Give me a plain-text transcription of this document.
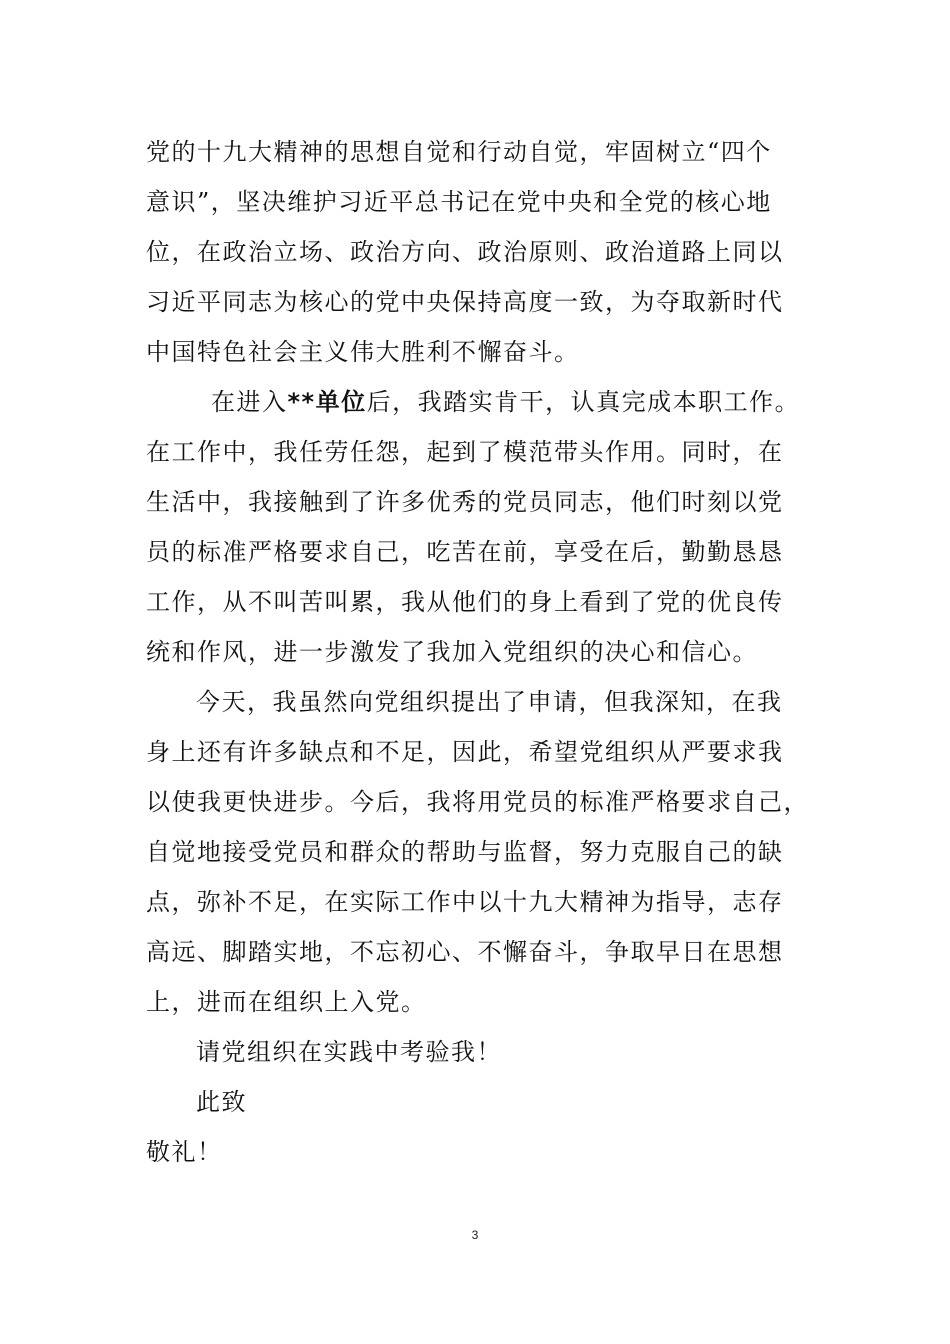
党的十九大精神的思想自觉和行动自觉，牢固树立“四个
意识”，坚决维护习近平总书记在党中央和全党的核心地
位，在政治立场、政治方向、政治原则、政治道路上同以
习近平同志为核心的党中央保持高度一致，为夺取新时代
中国特色社会主义伟大胜利不懈奋斗。
在进入**单位后，我踏实肯干，认真完成本职工作。
在工作中，我任劳任怨，起到了模范带头作用。同时，在
生活中，我接触到了许多优秀的党员同志，他们时刻以党
员的标准严格要求自己，吃苦在前，享受在后，勤勤恳恳
工作，从不叫苦叫累，我从他们的身上看到了党的优良传
统和作风，进一步激发了我加入党组织的决心和信心。
今天，我虽然向党组织提出了申请，但我深知，在我
身上还有许多缺点和不足，因此，希望党组织从严要求我
以使我更快进步。今后，我将用党员的标准严格要求自己，
自觉地接受党员和群众的帮助与监督，努力克服自己的缺
点，弥补不足，在实际工作中以十九大精神为指导，志存
高远、脚踏实地，不忘初心、不懈奋斗，争取早日在思想
上，进而在组织上入党。
请党组织在实践中考验我！
此致
敬礼！
3
